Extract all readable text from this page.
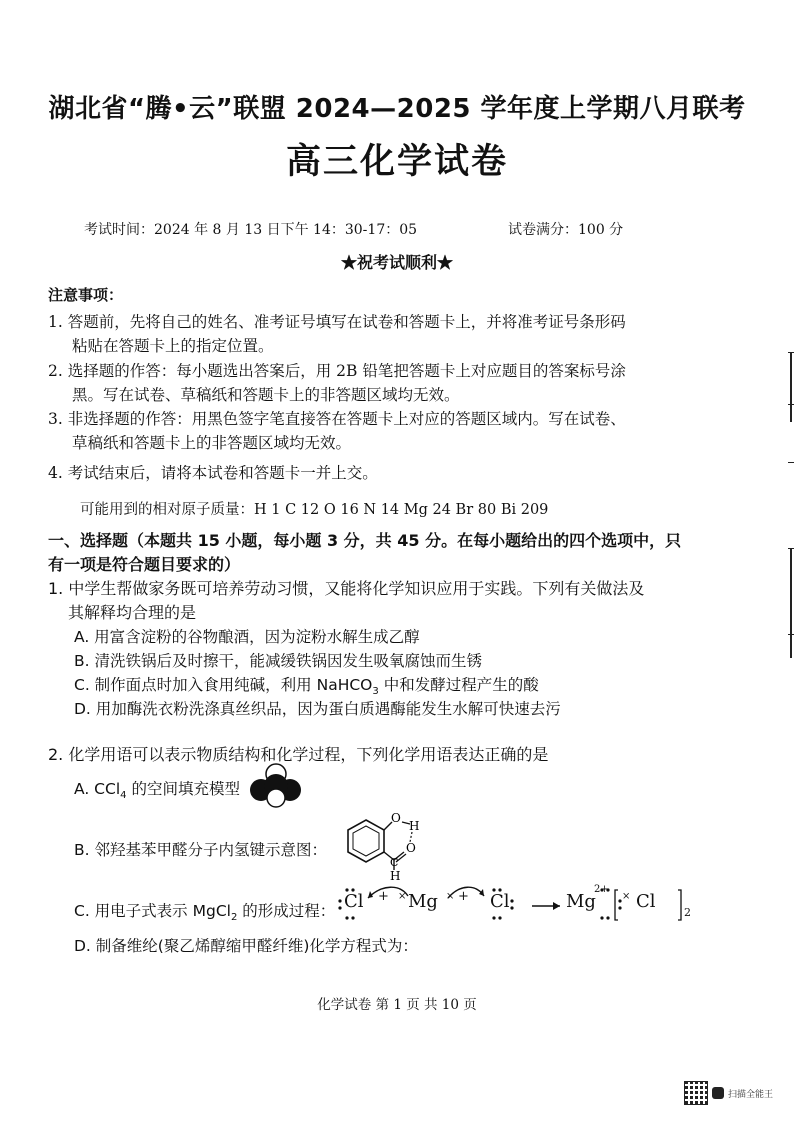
湖北省“腾•云”联盟 2024—2025 学年度上学期八月联考
高三化学试卷
考试时间：2024 年 8 月 13 日下午 14：30-17：05	试卷满分：100 分
★祝考试顺利★
注意事项：
1. 答题前，先将自己的姓名、准考证号填写在试卷和答题卡上，并将准考证号条形码
粘贴在答题卡上的指定位置。
2. 选择题的作答：每小题选出答案后，用 2B 铅笔把答题卡上对应题目的答案标号涂
黑。写在试卷、草稿纸和答题卡上的非答题区域均无效。
3. 非选择题的作答：用黑色签字笔直接答在答题卡上对应的答题区域内。写在试卷、
草稿纸和答题卡上的非答题区域均无效。
4. 考试结束后，请将本试卷和答题卡一并上交。
可能用到的相对原子质量：H 1 C 12 O 16 N 14 Mg 24 Br 80 Bi 209
一、选择题（本题共 15 小题，每小题 3 分，共 45 分。在每小题给出的四个选项中，只
有一项是符合题目要求的）
1. 中学生帮做家务既可培养劳动习惯，又能将化学知识应用于实践。下列有关做法及
其解释均合理的是
A. 用富含淀粉的谷物酿酒，因为淀粉水解生成乙醇
B. 清洗铁锅后及时擦干，能减缓铁锅因发生吸氧腐蚀而生锈
C. 制作面点时加入食用纯碱，利用 NaHCO$_3$ 中和发酵过程产生的酸
D. 用加酶洗衣粉洗涤真丝织品，因为蛋白质遇酶能发生水解可快速去污
2. 化学用语可以表示物质结构和化学过程，下列化学用语表达正确的是
A. CCl$_4$ 的空间填充模型
B. 邻羟基苯甲醛分子内氢键示意图：
O
H
O
C
H
C. 用电子式表示 MgCl$_2$ 的形成过程： Cl + × Mg × + Cl	Mg
2+
× Cl
2
D. 制备维纶(聚乙烯醇缩甲醛纤维)化学方程式为：
化学试卷 第 1 页 共 10 页
扫描全能王
